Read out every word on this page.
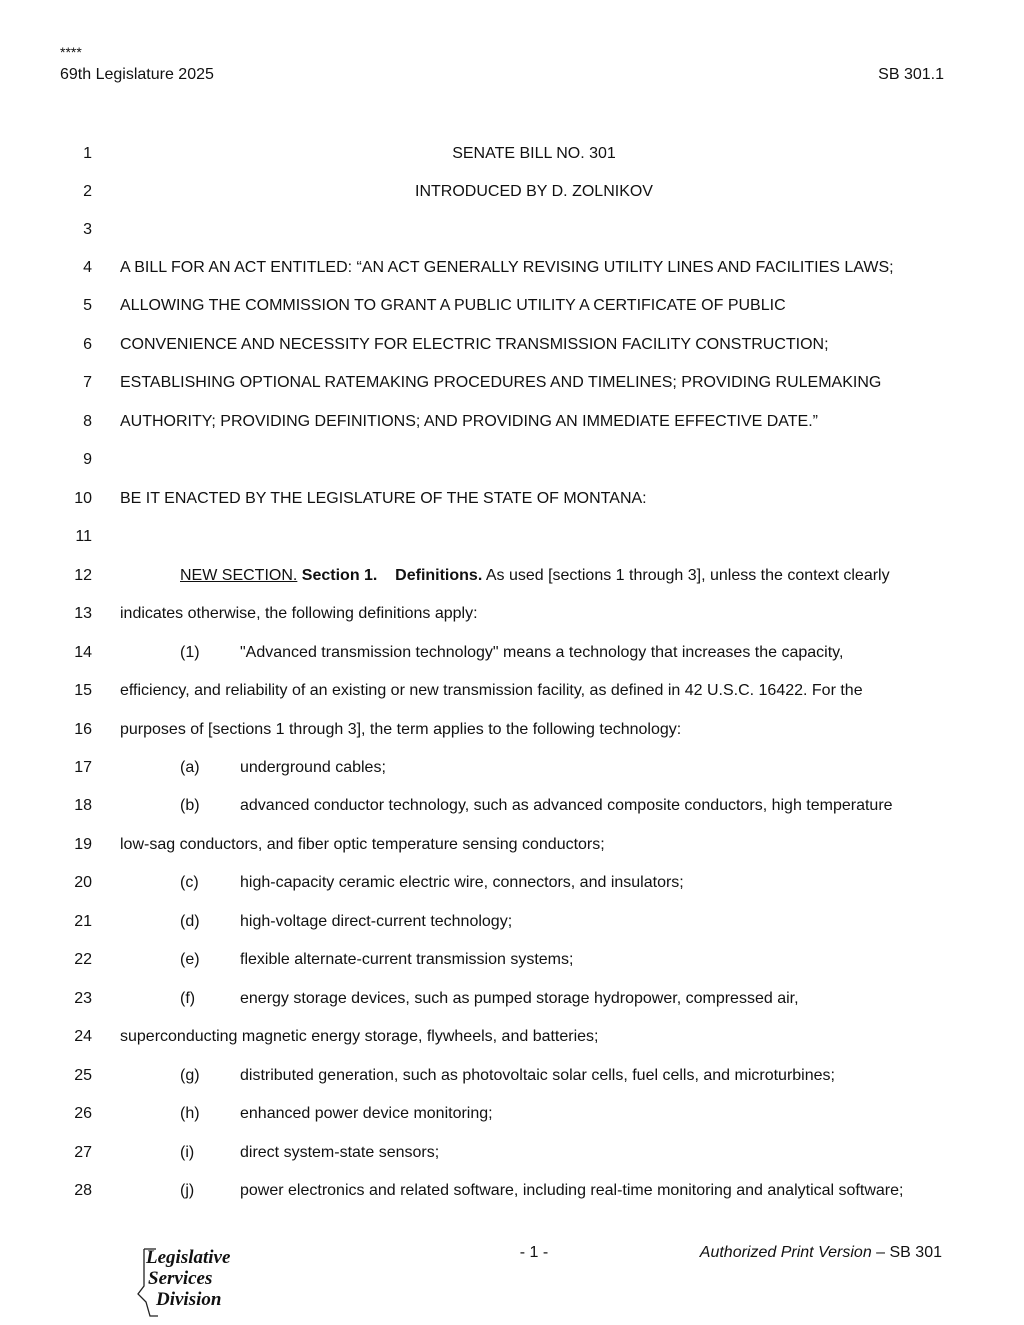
****
69th Legislature 2025	SB 301.1
1	SENATE BILL NO. 301
2	INTRODUCED BY D. ZOLNIKOV
3
4 A BILL FOR AN ACT ENTITLED: “AN ACT GENERALLY REVISING UTILITY LINES AND FACILITIES LAWS;
5 ALLOWING THE COMMISSION TO GRANT A PUBLIC UTILITY A CERTIFICATE OF PUBLIC
6 CONVENIENCE AND NECESSITY FOR ELECTRIC TRANSMISSION FACILITY CONSTRUCTION;
7 ESTABLISHING OPTIONAL RATEMAKING PROCEDURES AND TIMELINES; PROVIDING RULEMAKING
8 AUTHORITY; PROVIDING DEFINITIONS; AND PROVIDING AN IMMEDIATE EFFECTIVE DATE.”
9
10 BE IT ENACTED BY THE LEGISLATURE OF THE STATE OF MONTANA:
11
12	NEW SECTION. Section 1. Definitions. As used [sections 1 through 3], unless the context clearly
13 indicates otherwise, the following definitions apply:
14	(1)	"Advanced transmission technology" means a technology that increases the capacity,
15 efficiency, and reliability of an existing or new transmission facility, as defined in 42 U.S.C. 16422. For the
16 purposes of [sections 1 through 3], the term applies to the following technology:
17	(a)	underground cables;
18	(b)	advanced conductor technology, such as advanced composite conductors, high temperature
19 low-sag conductors, and fiber optic temperature sensing conductors;
20	(c)	high-capacity ceramic electric wire, connectors, and insulators;
21	(d)	high-voltage direct-current technology;
22	(e)	flexible alternate-current transmission systems;
23	(f)	energy storage devices, such as pumped storage hydropower, compressed air,
24 superconducting magnetic energy storage, flywheels, and batteries;
25	(g)	distributed generation, such as photovoltaic solar cells, fuel cells, and microturbines;
26	(h)	enhanced power device monitoring;
27	(i)	direct system-state sensors;
28	(j)	power electronics and related software, including real-time monitoring and analytical software;
Legislative
Services
Division
- 1 -	Authorized Print Version – SB 301
